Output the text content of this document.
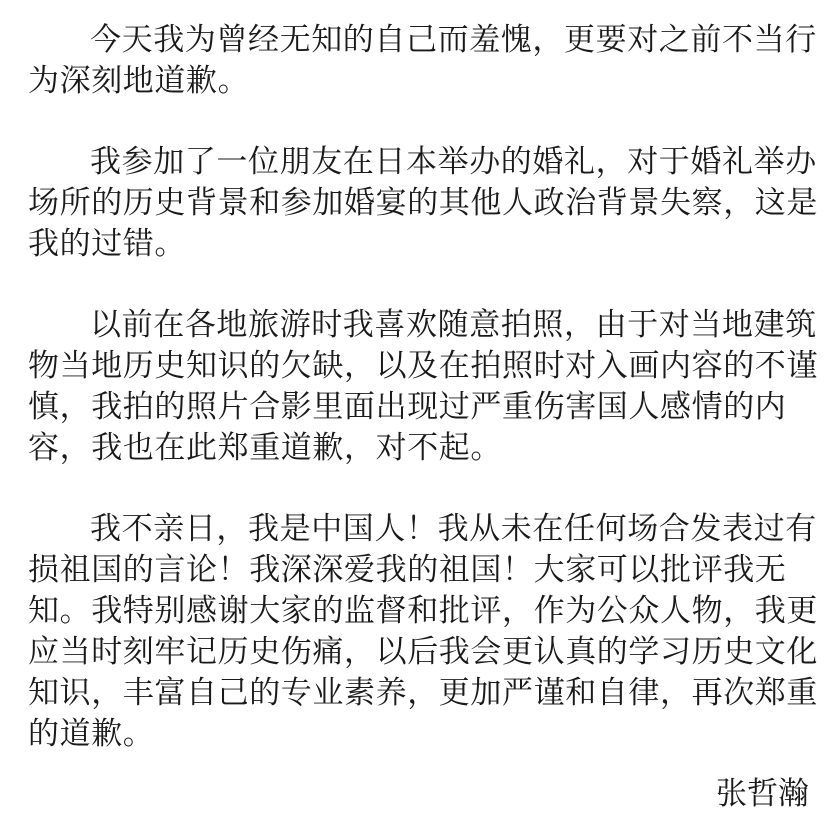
今天我为曾经无知的自己而羞愧，更要对之前不当行为深刻地道歉。

我参加了一位朋友在日本举办的婚礼，对于婚礼举办场所的历史背景和参加婚宴的其他人政治背景失察，这是我的过错。

以前在各地旅游时我喜欢随意拍照，由于对当地建筑物当地历史知识的欠缺，以及在拍照时对入画内容的不谨慎，我拍的照片合影里面出现过严重伤害国人感情的内容，我也在此郑重道歉，对不起。

我不亲日，我是中国人！我从未在任何场合发表过有损祖国的言论！我深深爱我的祖国！大家可以批评我无知。我特别感谢大家的监督和批评，作为公众人物，我更应当时刻牢记历史伤痛，以后我会更认真的学习历史文化知识，丰富自己的专业素养，更加严谨和自律，再次郑重的道歉。

张哲瀚
